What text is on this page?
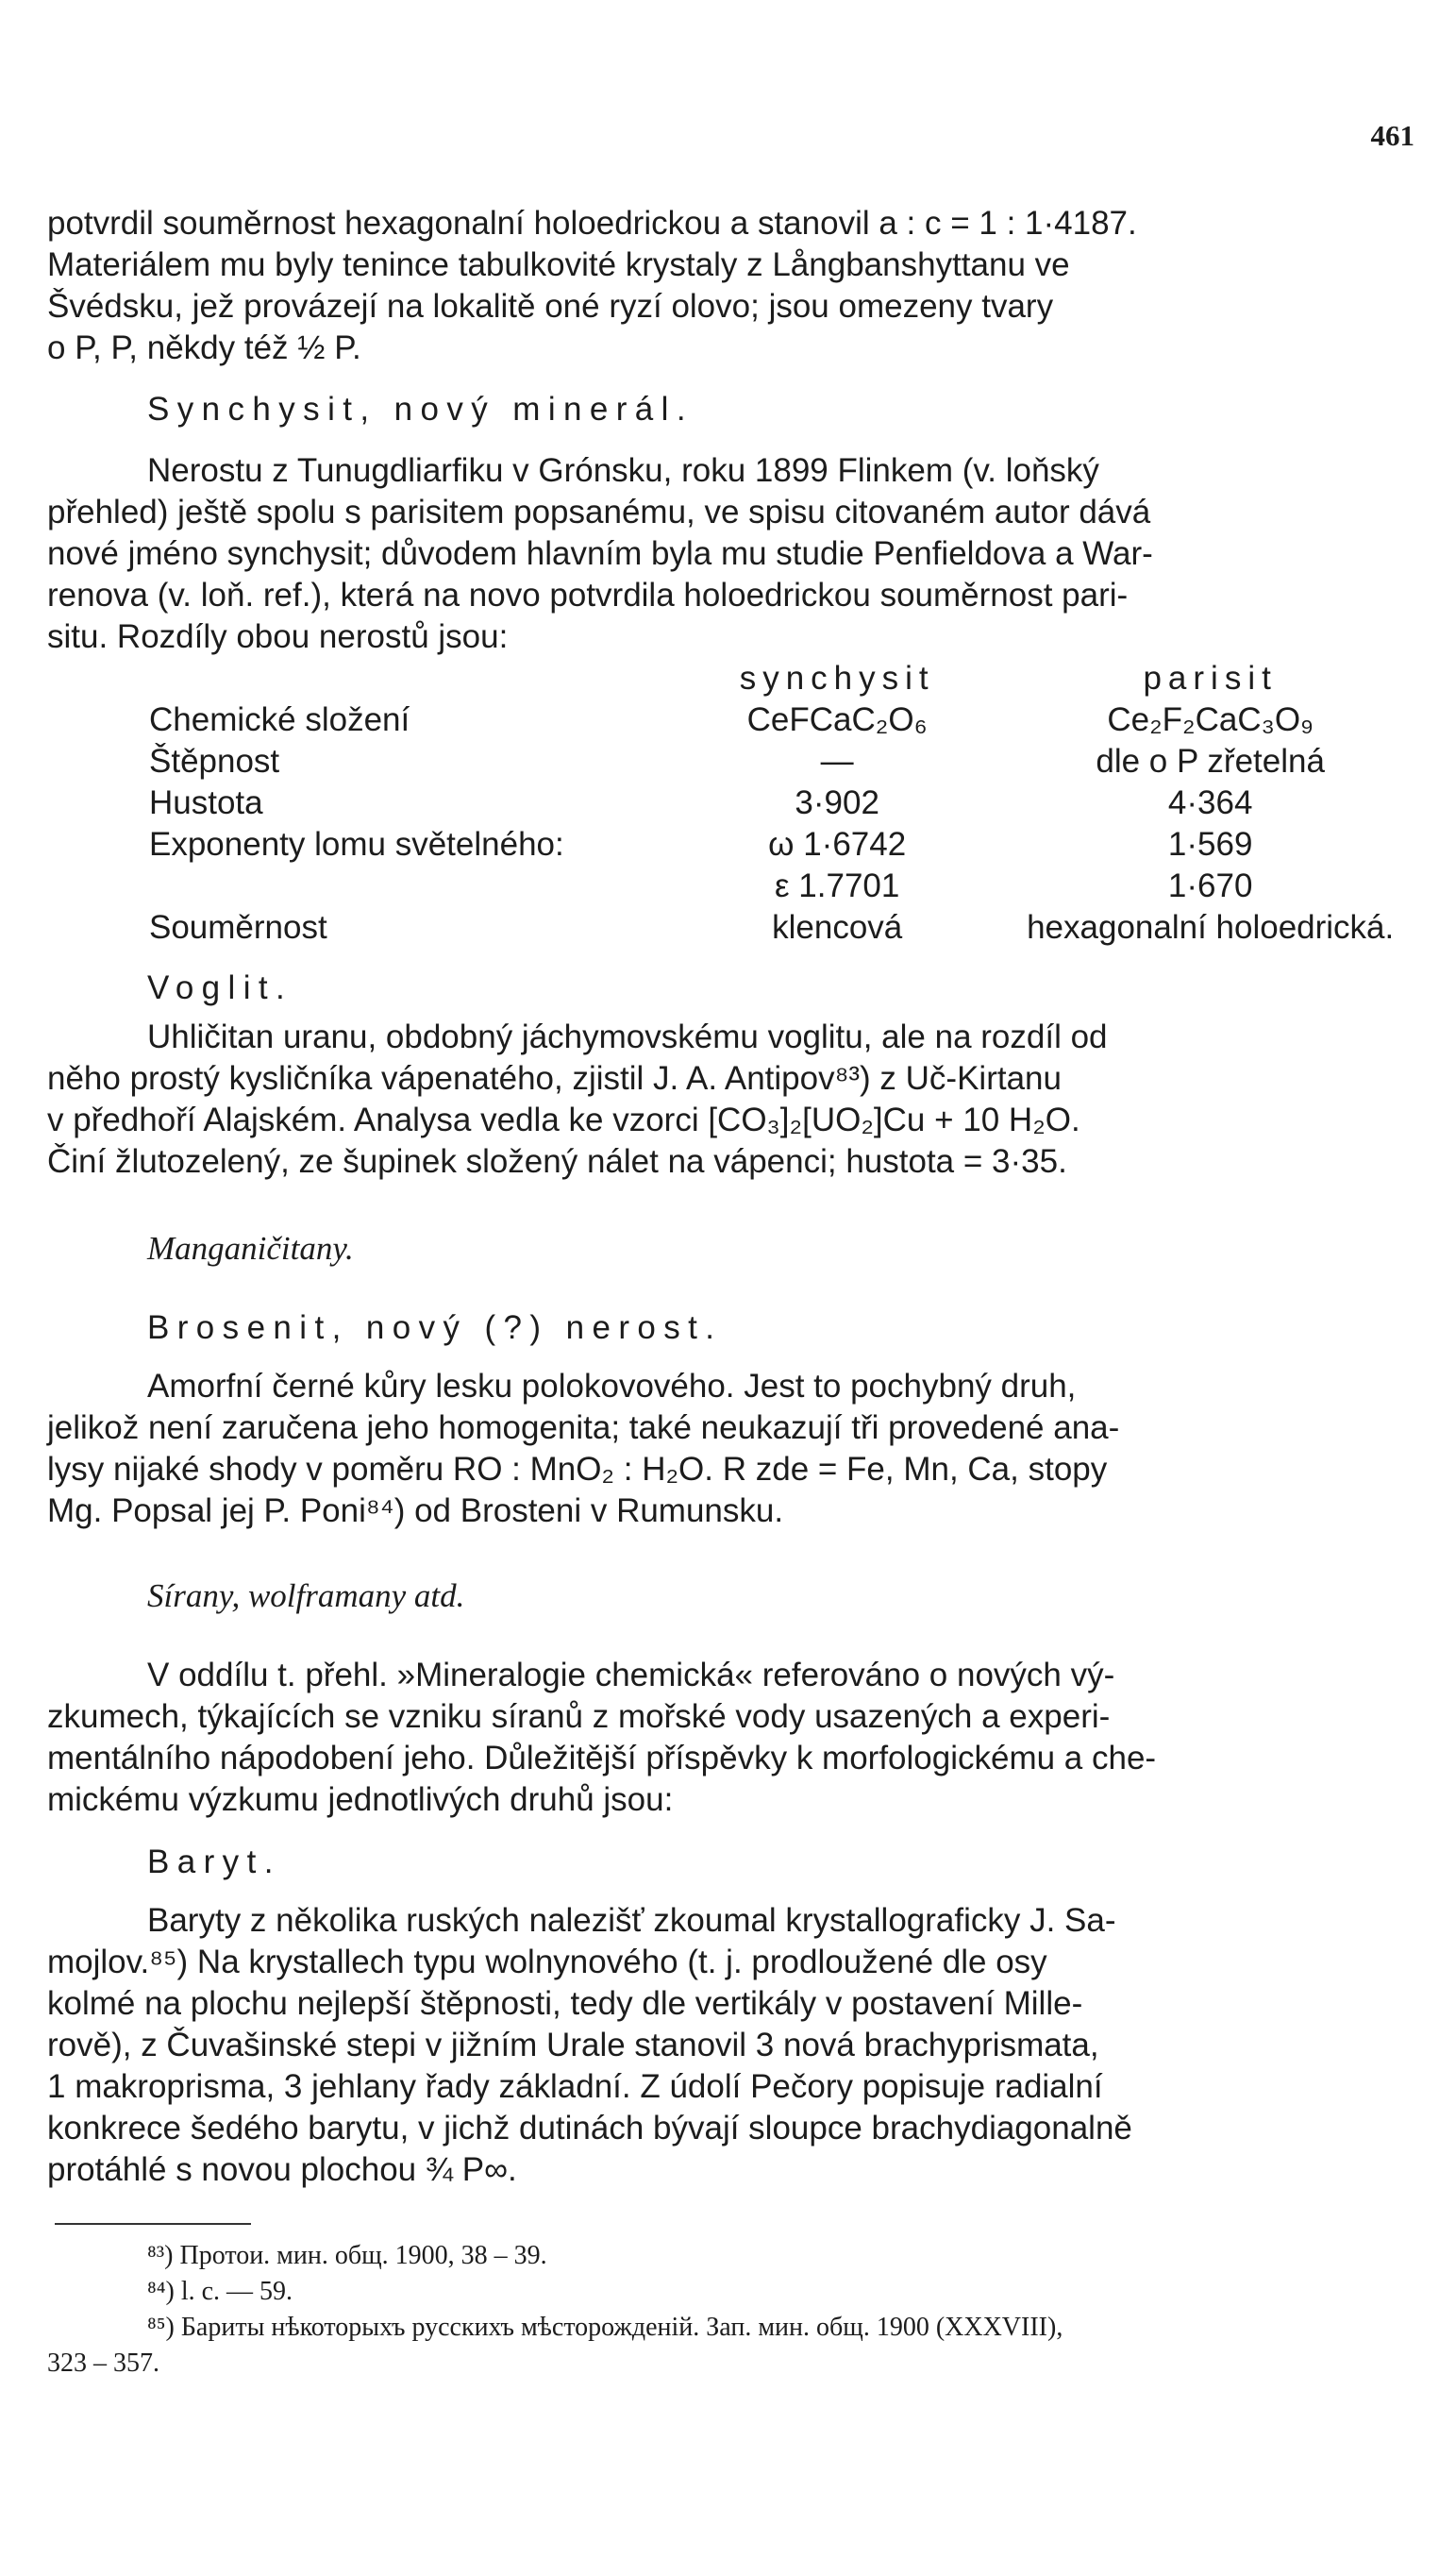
461

potvrdil souměrnost hexagonalní holoedrickou a stanovil a : c = 1 : 1·4187.

Materiálem mu byly tenince tabulkovité krystaly z Långbanshyttanu ve

Švédsku, jež provázejí na lokalitě oné ryzí olovo; jsou omezeny tvary

o P, P, někdy též ½ P.

Synchysit, nový minerál.

Nerostu z Tunugdliarfiku v Grónsku, roku 1899 Flinkem (v. loňský

přehled) ještě spolu s parisitem popsanému, ve spisu citovaném autor dává

nové jméno synchysit; důvodem hlavním byla mu studie Penfieldova a War-

renova (v. loň. ref.), která na novo potvrdila holoedrickou souměrnost pari-

situ. Rozdíly obou nerostů jsou:

	synchysit	parisit
Chemické složení	CeFCaC₂O₆	Ce₂F₂CaC₃O₉
Štěpnost	—	dle o P zřetelná
Hustota	3·902	4·364
Exponenty lomu světelného:	ω 1·6742	1·569
	ε 1.7701	1·670
Souměrnost	klencová	hexagonalní holoedrická.
Voglit.

Uhličitan uranu, obdobný jáchymovskému voglitu, ale na rozdíl od

něho prostý kysličníka vápenatého, zjistil J. A. Antipov⁸³) z Uč-Kirtanu

v předhoří Alajském. Analysa vedla ke vzorci [CO₃]₂[UO₂]Cu + 10 H₂O.

Činí žlutozelený, ze šupinek složený nálet na vápenci; hustota = 3·35.

Manganičitany.
Brosenit, nový (?) nerost.

Amorfní černé kůry lesku polokovového. Jest to pochybný druh,

jelikož není zaručena jeho homogenita; také neukazují tři provedené ana-

lysy nijaké shody v poměru RO : MnO₂ : H₂O. R zde = Fe, Mn, Ca, stopy

Mg. Popsal jej P. Poni⁸⁴) od Brosteni v Rumunsku.

Sírany, wolframany atd.

V oddílu t. přehl. »Mineralogie chemická« referováno o nových vý-

zkumech, týkajících se vzniku síranů z mořské vody usazených a experi-

mentálního nápodobení jeho. Důležitější příspěvky k morfologickému a che-

mickému výzkumu jednotlivých druhů jsou:

Baryt.

Baryty z několika ruských nalezišť zkoumal krystallograficky J. Sa-

mojlov.⁸⁵) Na krystallech typu wolnynového (t. j. prodloužené dle osy

kolmé na plochu nejlepší štěpnosti, tedy dle vertikály v postavení Mille-

rově), z Čuvašinské stepi v jižním Urale stanovil 3 nová brachyprismata,

1 makroprisma, 3 jehlany řady základní. Z údolí Pečory popisuje radialní

konkrece šedého barytu, v jichž dutinách bývají sloupce brachydiagonalně

protáhlé s novou plochou ¾ P∞.

⁸³) Протои. мин. общ. 1900, 38 – 39.

⁸⁴) l. c. — 59.

⁸⁵) Бариты нѣкоторыхъ русскихъ мѣсторожденій. Зап. мин. общ. 1900 (XXXVIII),

323 – 357.
